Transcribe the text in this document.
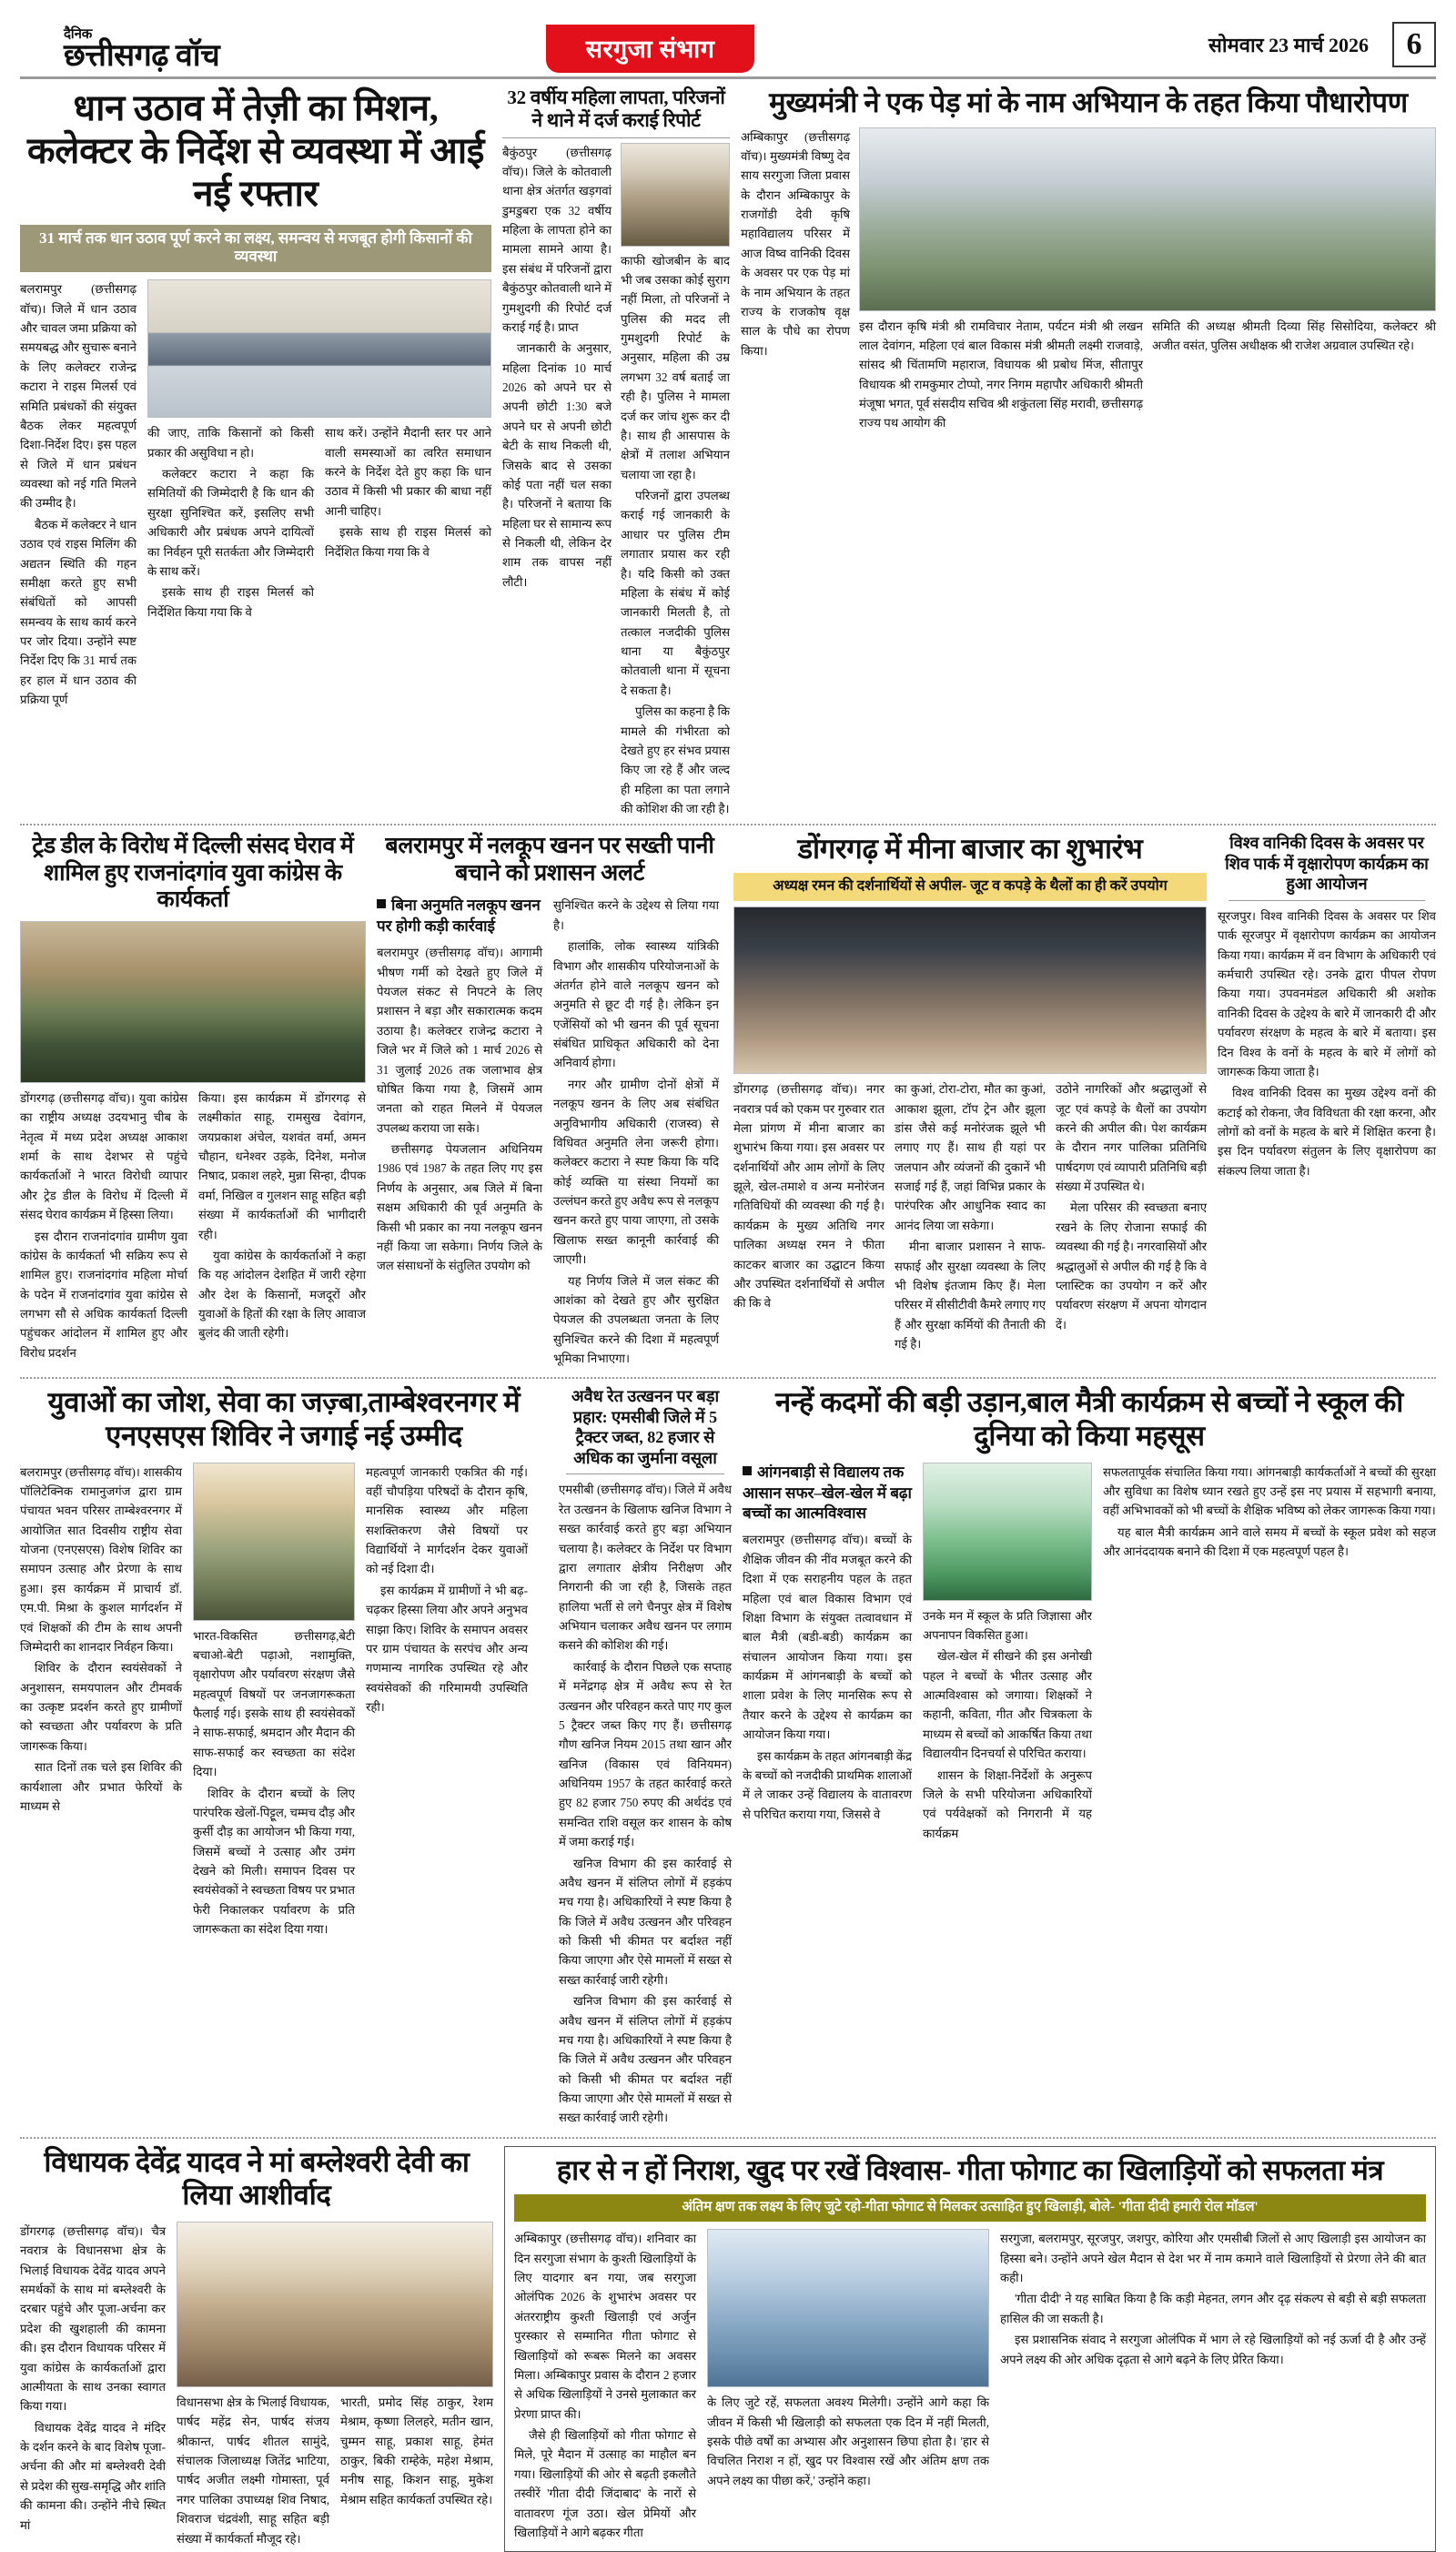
दैनिक
छत्तीसगढ़ वॉच	सरगुजा संभाग	सोमवार 23 मार्च 2026	6
धान उठाव में तेज़ी का मिशन, कलेक्टर के निर्देश से व्यवस्था में आई नई रफ्तार
31 मार्च तक धान उठाव पूर्ण करने का लक्ष्य, समन्वय से मजबूत होगी किसानों की व्यवस्था

बलरामपुर (छत्तीसगढ़ वॉच)। जिले में धान उठाव और चावल जमा प्रक्रिया को समयबद्ध और सुचारू बनाने के लिए कलेक्टर राजेन्द्र कटारा ने राइस मिलर्स एवं समिति प्रबंधकों की संयुक्त बैठक लेकर महत्वपूर्ण दिशा-निर्देश दिए। इस पहल से जिले में धान प्रबंधन व्यवस्था को नई गति मिलने की उम्मीद है।

बैठक में कलेक्टर ने धान उठाव एवं राइस मिलिंग की अद्यतन स्थिति की गहन समीक्षा करते हुए सभी संबंधितों को आपसी समन्वय के साथ कार्य करने पर जोर दिया। उन्होंने स्पष्ट निर्देश दिए कि 31 मार्च तक हर हाल में धान उठाव की प्रक्रिया पूर्ण

की जाए, ताकि किसानों को किसी प्रकार की असुविधा न हो।

कलेक्टर कटारा ने कहा कि समितियों की जिम्मेदारी है कि धान की सुरक्षा सुनिश्चित करें, इसलिए सभी अधिकारी और प्रबंधक अपने दायित्वों का निर्वहन पूरी सतर्कता और जिम्मेदारी के साथ करें।

इसके साथ ही राइस मिलर्स को निर्देशित किया गया कि वे

साथ करें। उन्होंने मैदानी स्तर पर आने वाली समस्याओं का त्वरित समाधान करने के निर्देश देते हुए कहा कि धान उठाव में किसी भी प्रकार की बाधा नहीं आनी चाहिए।

इसके साथ ही राइस मिलर्स को निर्देशित किया गया कि वे

32 वर्षीय महिला लापता, परिजनों ने थाने में दर्ज कराई रिपोर्ट

बैकुंठपुर (छत्तीसगढ़ वॉच)। जिले के कोतवाली थाना क्षेत्र अंतर्गत खड़गवां डुमडुबरा एक 32 वर्षीय महिला के लापता होने का मामला सामने आया है। इस संबंध में परिजनों द्वारा बैकुंठपुर कोतवाली थाने में गुमशुदगी की रिपोर्ट दर्ज कराई गई है। प्राप्त

जानकारी के अनुसार, महिला दिनांक 10 मार्च 2026 को अपने घर से अपनी छोटी 1:30 बजे अपने घर से अपनी छोटी बेटी के साथ निकली थी, जिसके बाद से उसका कोई पता नहीं चल सका है। परिजनों ने बताया कि महिला घर से सामान्य रूप से निकली थी, लेकिन देर शाम तक वापस नहीं लौटी।

काफी खोजबीन के बाद भी जब उसका कोई सुराग नहीं मिला, तो परिजनों ने पुलिस की मदद ली गुमशुदगी रिपोर्ट के अनुसार, महिला की उम्र लगभग 32 वर्ष बताई जा रही है। पुलिस ने मामला दर्ज कर जांच शुरू कर दी है। साथ ही आसपास के क्षेत्रों में तलाश अभियान चलाया जा रहा है।

परिजनों द्वारा उपलब्ध कराई गई जानकारी के आधार पर पुलिस टीम लगातार प्रयास कर रही है। यदि किसी को उक्त महिला के संबंध में कोई जानकारी मिलती है, तो तत्काल नजदीकी पुलिस थाना या बैकुंठपुर कोतवाली थाना में सूचना दे सकता है।

पुलिस का कहना है कि मामले की गंभीरता को देखते हुए हर संभव प्रयास किए जा रहे हैं और जल्द ही महिला का पता लगाने की कोशिश की जा रही है।

मुख्यमंत्री ने एक पेड़ मां के नाम अभियान के तहत किया पौधारोपण

अम्बिकापुर (छत्तीसगढ़ वॉच)। मुख्यमंत्री विष्णु देव साय सरगुजा जिला प्रवास के दौरान अम्बिकापुर के राजगोंडी देवी कृषि महाविद्यालय परिसर में आज विष्व वानिकी दिवस के अवसर पर एक पेड़ मां के नाम अभियान के तहत राज्य के राजकोष वृक्ष साल के पौधे का रोपण किया।

इस दौरान कृषि मंत्री श्री रामविचार नेताम, पर्यटन मंत्री श्री लखन लाल देवांगन, महिला एवं बाल विकास मंत्री श्रीमती लक्ष्मी राजवाड़े, सांसद श्री चिंतामणि महाराज, विधायक श्री प्रबोध मिंज, सीतापुर विधायक श्री रामकुमार टोप्पो, नगर निगम महापौर अधिकारी श्रीमती मंजूषा भगत, पूर्व संसदीय सचिव श्री शकुंतला सिंह मरावी, छत्तीसगढ़ राज्य पथ आयोग की

समिति की अध्यक्ष श्रीमती दिव्या सिंह सिसोदिया, कलेक्टर श्री अजीत वसंत, पुलिस अधीक्षक श्री राजेश अग्रवाल उपस्थित रहे।

ट्रेड डील के विरोध में दिल्ली संसद घेराव में शामिल हुए राजनांदगांव युवा कांग्रेस के कार्यकर्ता

डोंगरगढ़ (छत्तीसगढ़ वॉच)। युवा कांग्रेस का राष्ट्रीय अध्यक्ष उदयभानु चीब के नेतृत्व में मध्य प्रदेश अध्यक्ष आकाश शर्मा के साथ देशभर से पहुंचे कार्यकर्ताओं ने भारत विरोधी व्यापार और ट्रेड डील के विरोध में दिल्ली में संसद घेराव कार्यक्रम में हिस्सा लिया।

इस दौरान राजनांदगांव ग्रामीण युवा कांग्रेस के कार्यकर्ता भी सक्रिय रूप से शामिल हुए। राजनांदगांव महिला मोर्चा के पदेन में राजनांदगांव युवा कांग्रेस से लगभग सौ से अधिक कार्यकर्ता दिल्ली पहुंचकर आंदोलन में शामिल हुए और विरोध प्रदर्शन

किया। इस कार्यक्रम में डोंगरगढ़ से लक्ष्मीकांत साहू, रामसुख देवांगन, जयप्रकाश अंचेल, यशवंत वर्मा, अमन चौहान, धनेश्वर उड़के, दिनेश, मनोज निषाद, प्रकाश लहरे, मुन्ना सिन्हा, दीपक वर्मा, निखिल व गुलशन साहू सहित बड़ी संख्या में कार्यकर्ताओं की भागीदारी रही।

युवा कांग्रेस के कार्यकर्ताओं ने कहा कि यह आंदोलन देशहित में जारी रहेगा और देश के किसानों, मजदूरों और युवाओं के हितों की रक्षा के लिए आवाज बुलंद की जाती रहेगी।

बलरामपुर में नलकूप खनन पर सख्ती पानी बचाने को प्रशासन अलर्ट
बिना अनुमति नलकूप खनन पर होगी कड़ी कार्रवाई

बलरामपुर (छत्तीसगढ़ वॉच)। आगामी भीषण गर्मी को देखते हुए जिले में पेयजल संकट से निपटने के लिए प्रशासन ने बड़ा और सकारात्मक कदम उठाया है। कलेक्टर राजेन्द्र कटारा ने जिले भर में जिले को 1 मार्च 2026 से 31 जुलाई 2026 तक जलाभाव क्षेत्र घोषित किया गया है, जिसमें आम जनता को राहत मिलने में पेयजल उपलब्ध कराया जा सके।

छत्तीसगढ़ पेयजलान अधिनियम 1986 एवं 1987 के तहत लिए गए इस निर्णय के अनुसार, अब जिले में बिना सक्षम अधिकारी की पूर्व अनुमति के किसी भी प्रकार का नया नलकूप खनन नहीं किया जा सकेगा। निर्णय जिले के जल संसाधनों के संतुलित उपयोग को

सुनिश्चित करने के उद्देश्य से लिया गया है।

हालांकि, लोक स्वास्थ्य यांत्रिकी विभाग और शासकीय परियोजनाओं के अंतर्गत होने वाले नलकूप खनन को अनुमति से छूट दी गई है। लेकिन इन एजेंसियों को भी खनन की पूर्व सूचना संबंधित प्राधिकृत अधिकारी को देना अनिवार्य होगा।

नगर और ग्रामीण दोनों क्षेत्रों में नलकूप खनन के लिए अब संबंधित अनुविभागीय अधिकारी (राजस्व) से विधिवत अनुमति लेना जरूरी होगा। कलेक्टर कटारा ने स्पष्ट किया कि यदि कोई व्यक्ति या संस्था नियमों का उल्लंघन करते हुए अवैध रूप से नलकूप खनन करते हुए पाया जाएगा, तो उसके खिलाफ सख्त कानूनी कार्रवाई की जाएगी।

यह निर्णय जिले में जल संकट की आशंका को देखते हुए और सुरक्षित पेयजल की उपलब्धता जनता के लिए सुनिश्चित करने की दिशा में महत्वपूर्ण भूमिका निभाएगा।

डोंगरगढ़ में मीना बाजार का शुभारंभ
अध्यक्ष रमन की दर्शनार्थियों से अपील- जूट व कपड़े के थैलों का ही करें उपयोग

डोंगरगढ़ (छत्तीसगढ़ वॉच)। नगर नवरात्र पर्व को एकम पर गुरुवार रात मेला प्रांगण में मीना बाजार का शुभारंभ किया गया। इस अवसर पर दर्शनार्थियों और आम लोगों के लिए झूले, खेल-तमाशे व अन्य मनोरंजन गतिविधियों की व्यवस्था की गई है। कार्यक्रम के मुख्य अतिथि नगर पालिका अध्यक्ष रमन ने फीता काटकर बाजार का उद्घाटन किया और उपस्थित दर्शनार्थियों से अपील की कि वे

का कुआं, टोरा-टोरा, मौत का कुआं, आकाश झूला, टॉप ट्रेन और झूला डांस जैसे कई मनोरंजक झूले भी लगाए गए हैं। साथ ही यहां पर जलपान और व्यंजनों की दुकानें भी सजाई गई हैं, जहां विभिन्न प्रकार के पारंपरिक और आधुनिक स्वाद का आनंद लिया जा सकेगा।

मीना बाजार प्रशासन ने साफ-सफाई और सुरक्षा व्यवस्था के लिए भी विशेष इंतजाम किए हैं। मेला परिसर में सीसीटीवी कैमरे लगाए गए हैं और सुरक्षा कर्मियों की तैनाती की गई है।

उठोने नागरिकों और श्रद्धालुओं से जूट एवं कपड़े के थैलों का उपयोग करने की अपील की। पेश कार्यक्रम के दौरान नगर पालिका प्रतिनिधि पार्षदगण एवं व्यापारी प्रतिनिधि बड़ी संख्या में उपस्थित थे।

मेला परिसर की स्वच्छता बनाए रखने के लिए रोजाना सफाई की व्यवस्था की गई है। नगरवासियों और श्रद्धालुओं से अपील की गई है कि वे प्लास्टिक का उपयोग न करें और पर्यावरण संरक्षण में अपना योगदान दें।

विश्व वानिकी दिवस के अवसर पर शिव पार्क में वृक्षारोपण कार्यक्रम का हुआ आयोजन

सूरजपुर। विश्व वानिकी दिवस के अवसर पर शिव पार्क सूरजपुर में वृक्षारोपण कार्यक्रम का आयोजन किया गया। कार्यक्रम में वन विभाग के अधिकारी एवं कर्मचारी उपस्थित रहे। उनके द्वारा पीपल रोपण किया गया। उपवनमंडल अधिकारी श्री अशोक वानिकी दिवस के उद्देश्य के बारे में जानकारी दी और पर्यावरण संरक्षण के महत्व के बारे में बताया। इस दिन विश्व के वनों के महत्व के बारे में लोगों को जागरूक किया जाता है।

विश्व वानिकी दिवस का मुख्य उद्देश्य वनों की कटाई को रोकना, जैव विविधता की रक्षा करना, और लोगों को वनों के महत्व के बारे में शिक्षित करना है। इस दिन पर्यावरण संतुलन के लिए वृक्षारोपण का संकल्प लिया जाता है।

युवाओं का जोश, सेवा का जज़्बा,ताम्बेश्वरनगर में एनएसएस शिविर ने जगाई नई उम्मीद

बलरामपुर (छत्तीसगढ़ वॉच)। शासकीय पॉलिटेक्निक रामानुजगंज द्वारा ग्राम पंचायत भवन परिसर ताम्बेश्वरनगर में आयोजित सात दिवसीय राष्ट्रीय सेवा योजना (एनएसएस) विशेष शिविर का समापन उत्साह और प्रेरणा के साथ हुआ। इस कार्यक्रम में प्राचार्य डॉ. एम.पी. मिश्रा के कुशल मार्गदर्शन में एवं शिक्षकों की टीम के साथ अपनी जिम्मेदारी का शानदार निर्वहन किया।

शिविर के दौरान स्वयंसेवकों ने अनुशासन, समयपालन और टीमवर्क का उत्कृष्ट प्रदर्शन करते हुए ग्रामीणों को स्वच्छता और पर्यावरण के प्रति जागरूक किया।

सात दिनों तक चले इस शिविर की कार्यशाला और प्रभात फेरियों के माध्यम से

भारत-विकसित छत्तीसगढ़,बेटी बचाओ-बेटी पढ़ाओ, नशामुक्ति, वृक्षारोपण और पर्यावरण संरक्षण जैसे महत्वपूर्ण विषयों पर जनजागरूकता फैलाई गई। इसके साथ ही स्वयंसेवकों ने साफ-सफाई, श्रमदान और मैदान की साफ-सफाई कर स्वच्छता का संदेश दिया।

शिविर के दौरान बच्चों के लिए पारंपरिक खेलों-पिट्टूल, चम्मच दौड़ और कुर्सी दौड़ का आयोजन भी किया गया, जिसमें बच्चों ने उत्साह और उमंग देखने को मिली। समापन दिवस पर स्वयंसेवकों ने स्वच्छता विषय पर प्रभात फेरी निकालकर पर्यावरण के प्रति जागरूकता का संदेश दिया गया।

महत्वपूर्ण जानकारी एकत्रित की गई। वहीं चौपड़िया परिषदों के दौरान कृषि, मानसिक स्वास्थ्य और महिला सशक्तिकरण जैसे विषयों पर विद्यार्थियों ने मार्गदर्शन देकर युवाओं को नई दिशा दी।

इस कार्यक्रम में ग्रामीणों ने भी बढ़-चढ़कर हिस्सा लिया और अपने अनुभव साझा किए। शिविर के समापन अवसर पर ग्राम पंचायत के सरपंच और अन्य गणमान्य नागरिक उपस्थित रहे और स्वयंसेवकों की गरिमामयी उपस्थिति रही।

अवैध रेत उत्खनन पर बड़ा प्रहार: एमसीबी जिले में 5 ट्रैक्टर जब्त, 82 हजार से अधिक का जुर्माना वसूला

एमसीबी (छत्तीसगढ़ वॉच)। जिले में अवैध रेत उत्खनन के खिलाफ खनिज विभाग ने सख्त कार्रवाई करते हुए बड़ा अभियान चलाया है। कलेक्टर के निर्देश पर विभाग द्वारा लगातार क्षेत्रीय निरीक्षण और निगरानी की जा रही है, जिसके तहत हालिया भर्ती से लगे चैनपुर क्षेत्र में विशेष अभियान चलाकर अवैध खनन पर लगाम कसने की कोशिश की गई।

कार्रवाई के दौरान पिछले एक सप्ताह में मनेंद्रगढ़ क्षेत्र में अवैध रूप से रेत उत्खनन और परिवहन करते पाए गए कुल 5 ट्रैक्टर जब्त किए गए हैं। छत्तीसगढ़ गौण खनिज नियम 2015 तथा खान और खनिज (विकास एवं विनियमन) अधिनियम 1957 के तहत कार्रवाई करते हुए 82 हजार 750 रुपए की अर्थदंड एवं समन्वित राशि वसूल कर शासन के कोष में जमा कराई गई।

खनिज विभाग की इस कार्रवाई से अवैध खनन में संलिप्त लोगों में हड़कंप मच गया है। अधिकारियों ने स्पष्ट किया है कि जिले में अवैध उत्खनन और परिवहन को किसी भी कीमत पर बर्दाश्त नहीं किया जाएगा और ऐसे मामलों में सख्त से सख्त कार्रवाई जारी रहेगी।

खनिज विभाग की इस कार्रवाई से अवैध खनन में संलिप्त लोगों में हड़कंप मच गया है। अधिकारियों ने स्पष्ट किया है कि जिले में अवैध उत्खनन और परिवहन को किसी भी कीमत पर बर्दाश्त नहीं किया जाएगा और ऐसे मामलों में सख्त से सख्त कार्रवाई जारी रहेगी।

नन्हें कदमों की बड़ी उड़ान,बाल मैत्री कार्यक्रम से बच्चों ने स्कूल की दुनिया को किया महसूस
आंगनबाड़ी से विद्यालय तक आसान सफर–खेल-खेल में बढ़ा बच्चों का आत्मविश्वास

बलरामपुर (छत्तीसगढ़ वॉच)। बच्चों के शैक्षिक जीवन की नींव मजबूत करने की दिशा में एक सराहनीय पहल के तहत महिला एवं बाल विकास विभाग एवं शिक्षा विभाग के संयुक्त तत्वावधान में बाल मैत्री (बडी-बडी) कार्यक्रम का संचालन आयोजन किया गया। इस कार्यक्रम में आंगनबाड़ी के बच्चों को शाला प्रवेश के लिए मानसिक रूप से तैयार करने के उद्देश्य से कार्यक्रम का आयोजन किया गया।

इस कार्यक्रम के तहत आंगनबाड़ी केंद्र के बच्चों को नजदीकी प्राथमिक शालाओं में ले जाकर उन्हें विद्यालय के वातावरण से परिचित कराया गया, जिससे वे

उनके मन में स्कूल के प्रति जिज्ञासा और अपनापन विकसित हुआ।

खेल-खेल में सीखने की इस अनोखी पहल ने बच्चों के भीतर उत्साह और आत्मविश्वास को जगाया। शिक्षकों ने कहानी, कविता, गीत और चित्रकला के माध्यम से बच्चों को आकर्षित किया तथा विद्यालयीन दिनचर्या से परिचित कराया।

शासन के शिक्षा-निर्देशों के अनुरूप जिले के सभी परियोजना अधिकारियों एवं पर्यवेक्षकों को निगरानी में यह कार्यक्रम

सफलतापूर्वक संचालित किया गया। आंगनबाड़ी कार्यकर्ताओं ने बच्चों की सुरक्षा और सुविधा का विशेष ध्यान रखते हुए उन्हें इस नए प्रयास में सहभागी बनाया, वहीं अभिभावकों को भी बच्चों के शैक्षिक भविष्य को लेकर जागरूक किया गया।

यह बाल मैत्री कार्यक्रम आने वाले समय में बच्चों के स्कूल प्रवेश को सहज और आनंददायक बनाने की दिशा में एक महत्वपूर्ण पहल है।

विधायक देवेंद्र यादव ने मां बम्लेश्वरी देवी का लिया आशीर्वाद

डोंगरगढ़ (छत्तीसगढ़ वॉच)। चैत्र नवरात्र के विधानसभा क्षेत्र के भिलाई विधायक देवेंद्र यादव अपने समर्थकों के साथ मां बम्लेश्वरी के दरबार पहुंचे और पूजा-अर्चना कर प्रदेश की खुशहाली की कामना की। इस दौरान विधायक परिसर में युवा कांग्रेस के कार्यकर्ताओं द्वारा आत्मीयता के साथ उनका स्वागत किया गया।

विधायक देवेंद्र यादव ने मंदिर के दर्शन करने के बाद विशेष पूजा-अर्चना की और मां बम्लेश्वरी देवी से प्रदेश की सुख-समृद्धि और शांति की कामना की। उन्होंने नीचे स्थित मां

विधानसभा क्षेत्र के भिलाई विधायक, पार्षद महेंद्र सेन, पार्षद संजय श्रीकान्त, पार्षद शीतल सामुंदे, संचालक जिलाध्यक्ष जितेंद्र भाटिया, पार्षद अजीत लक्ष्मी गोमास्ता, पूर्व नगर पालिका उपाध्यक्ष शिव निषाद, शिवराज चंद्रवंशी, साहू सहित बड़ी संख्या में कार्यकर्ता मौजूद रहे।

भारती, प्रमोद सिंह ठाकुर, रेशम मेश्राम, कृष्णा लिलहरे, मतीन खान, चुम्मन साहू, प्रकाश साहू, हेमंत ठाकुर, बिकी राम्हेके, महेश मेश्राम, मनीष साहू, किशन साहू, मुकेश मेश्राम सहित कार्यकर्ता उपस्थित रहे।

हार से न हों निराश, खुद पर रखें विश्वास- गीता फोगाट का खिलाड़ियों को सफलता मंत्र
अंतिम क्षण तक लक्ष्य के लिए जुटे रहो-गीता फोगाट से मिलकर उत्साहित हुए खिलाड़ी, बोले- 'गीता दीदी हमारी रोल मॉडल'

अम्बिकापुर (छत्तीसगढ़ वॉच)। शनिवार का दिन सरगुजा संभाग के कुश्ती खिलाड़ियों के लिए यादगार बन गया, जब सरगुजा ओलंपिक 2026 के शुभारंभ अवसर पर अंतरराष्ट्रीय कुश्ती खिलाड़ी एवं अर्जुन पुरस्कार से सम्मानित गीता फोगाट से खिलाड़ियों को रूबरू मिलने का अवसर मिला। अम्बिकापुर प्रवास के दौरान 2 हजार से अधिक खिलाड़ियों ने उनसे मुलाकात कर प्रेरणा प्राप्त की।

जैसे ही खिलाड़ियों को गीता फोगाट से मिले, पूरे मैदान में उत्साह का माहौल बन गया। खिलाड़ियों की ओर से बढ़ती इकलौते तस्वीरें 'गीता दीदी जिंदाबाद' के नारों से वातावरण गूंज उठा। खेल प्रेमियों और खिलाड़ियों ने आगे बढ़कर गीता

के लिए जुटे रहें, सफलता अवश्य मिलेगी। उन्होंने आगे कहा कि जीवन में किसी भी खिलाड़ी को सफलता एक दिन में नहीं मिलती, इसके पीछे वर्षों का अभ्यास और अनुशासन छिपा होता है। 'हार से विचलित निराश न हों, खुद पर विश्वास रखें और अंतिम क्षण तक अपने लक्ष्य का पीछा करें,' उन्होंने कहा।

सरगुजा, बलरामपुर, सूरजपुर, जशपुर, कोरिया और एमसीबी जिलों से आए खिलाड़ी इस आयोजन का हिस्सा बने। उन्होंने अपने खेल मैदान से देश भर में नाम कमाने वाले खिलाड़ियों से प्रेरणा लेने की बात कही।

'गीता दीदी' ने यह साबित किया है कि कड़ी मेहनत, लगन और दृढ़ संकल्प से बड़ी से बड़ी सफलता हासिल की जा सकती है।

इस प्रशासनिक संवाद ने सरगुजा ओलंपिक में भाग ले रहे खिलाड़ियों को नई ऊर्जा दी है और उन्हें अपने लक्ष्य की ओर अधिक दृढ़ता से आगे बढ़ने के लिए प्रेरित किया।
